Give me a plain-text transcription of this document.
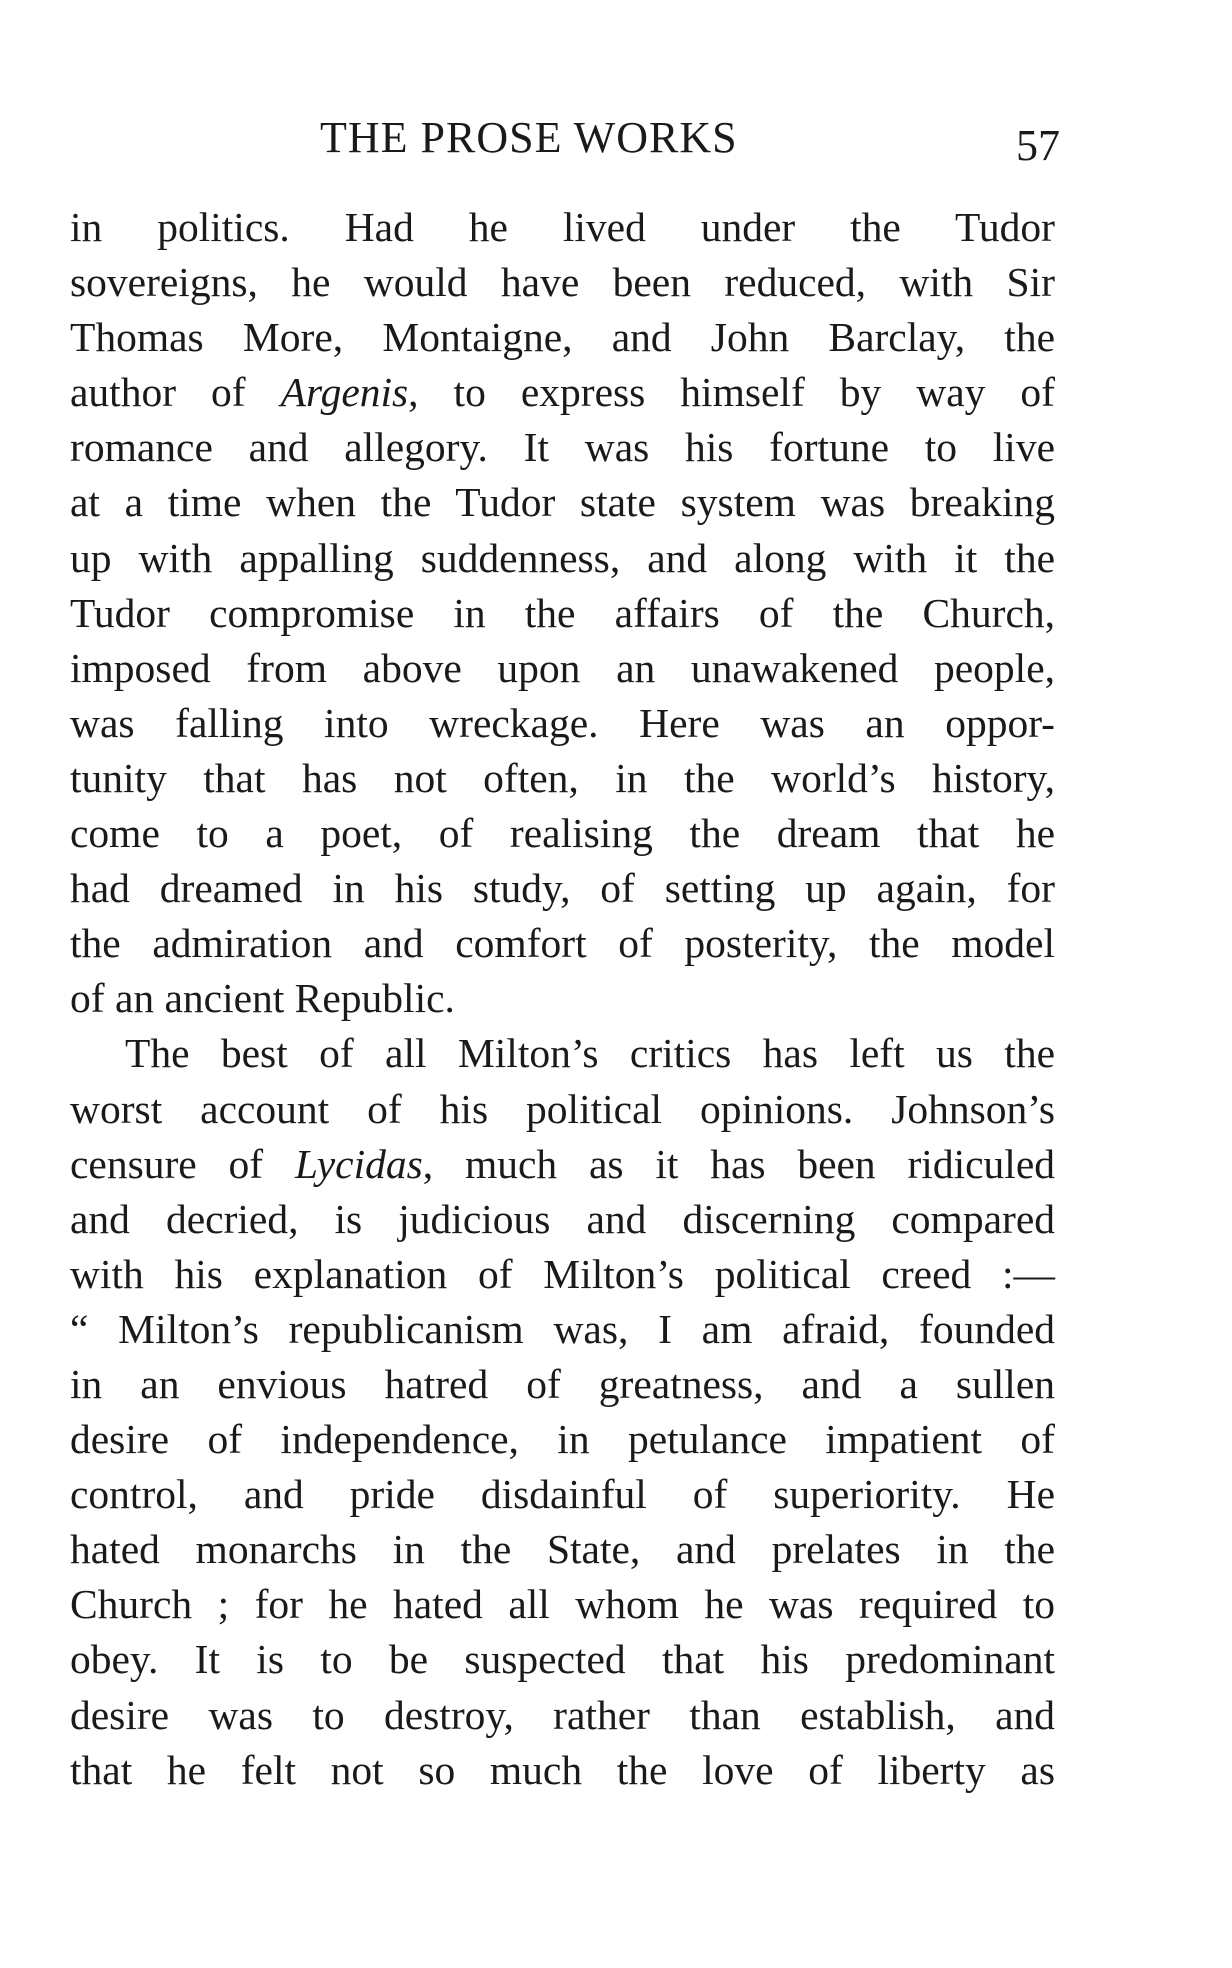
THE PROSE WORKS	57
in politics. Had he lived under the Tudor
sovereigns, he would have been reduced, with Sir
Thomas More, Montaigne, and John Barclay, the
author of Argenis, to express himself by way of
romance and allegory. It was his fortune to live
at a time when the Tudor state system was breaking
up with appalling suddenness, and along with it the
Tudor compromise in the affairs of the Church,
imposed from above upon an unawakened people,
was falling into wreckage. Here was an oppor-
tunity that has not often, in the world’s history,
come to a poet, of realising the dream that he
had dreamed in his study, of setting up again, for
the admiration and comfort of posterity, the model
of an ancient Republic.
The best of all Milton’s critics has left us the
worst account of his political opinions. Johnson’s
censure of Lycidas, much as it has been ridiculed
and decried, is judicious and discerning compared
with his explanation of Milton’s political creed :—
“ Milton’s republicanism was, I am afraid, founded
in an envious hatred of greatness, and a sullen
desire of independence, in petulance impatient of
control, and pride disdainful of superiority. He
hated monarchs in the State, and prelates in the
Church ; for he hated all whom he was required to
obey. It is to be suspected that his predominant
desire was to destroy, rather than establish, and
that he felt not so much the love of liberty as
